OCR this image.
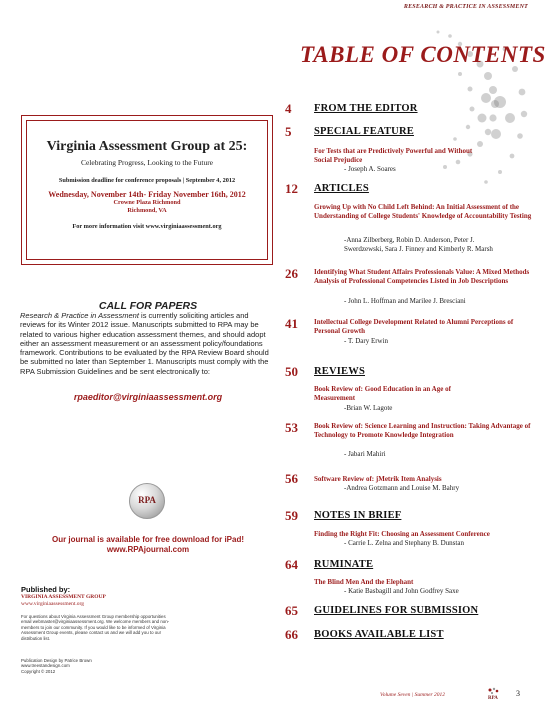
RESEARCH & PRACTICE IN ASSESSMENT
TABLE OF CONTENTS
Virginia Assessment Group at 25:
Celebrating Progress, Looking to the Future
Submission deadline for conference proposals | September 4, 2012
Wednesday, November 14th- Friday November 16th, 2012
Crowne Plaza Richmond
Richmond, VA
For more information visit www.virginiaassessment.org
CALL FOR PAPERS
Research & Practice in Assessment is currently soliciting articles and reviews for its Winter 2012 issue. Manuscripts submitted to RPA may be related to various higher education assessment themes, and should adopt either an assessment measurement or an assessment policy/foundations framework. Contributions to be evaluated by the RPA Review Board should be submitted no later than September 1. Manuscripts must comply with the RPA Submission Guidelines and be sent electronically to:
rpaeditor@virginiaassessment.org
RPA
Our journal is available for free download for iPad!
www.RPAjournal.com
Published by:
VIRGINIA ASSESSMENT GROUP
www.virginiaassessment.org
For questions about Virginia Assessment Group membership opportunities email webmaster@virginiaassessment.org. We welcome members and non-members to join our community. If you would like to be informed of Virginia Assessment Group events, please contact us and we will add you to our distribution list.
Publication Design by Patrice Brown
www.treestandesign.com
Copyright © 2012
4	FROM THE EDITOR
5	SPECIAL FEATURE
For Tests that are Predictively Powerful and Without Social Prejudice
- Joseph A. Soares
12	ARTICLES
Growing Up with No Child Left Behind: An Initial Assessment of the Understanding of College Students' Knowledge of Accountability Testing
-Anna Zilberberg, Robin D. Anderson, Peter J. Swerdzewski, Sara J. Finney and Kimberly R. Marsh
26	Identifying What Student Affairs Professionals Value: A Mixed Methods Analysis of Professional Competencies Listed in Job Descriptions
- John L. Hoffman and Marilee J. Bresciani
41	Intellectual College Development Related to Alumni Perceptions of Personal Growth
- T. Dary Erwin
50	REVIEWS
Book Review of: Good Education in an Age of Measurement
-Brian W. Lagote
53	Book Review of: Science Learning and Instruction: Taking Advantage of Technology to Promote Knowledge Integration
- Jabari Mahiri
56	Software Review of: jMetrik Item Analysis
-Andrea Gotzmann and Louise M. Bahry
59	NOTES IN BRIEF
Finding the Right Fit: Choosing an Assessment Conference
- Carrie L. Zelna and Stephany B. Dunstan
64	RUMINATE
The Blind Men And the Elephant
- Katie Basbagill and John Godfrey Saxe
65	GUIDELINES FOR SUBMISSION
66	BOOKS AVAILABLE LIST
Volume Seven | Summer 2012
RPA
3
